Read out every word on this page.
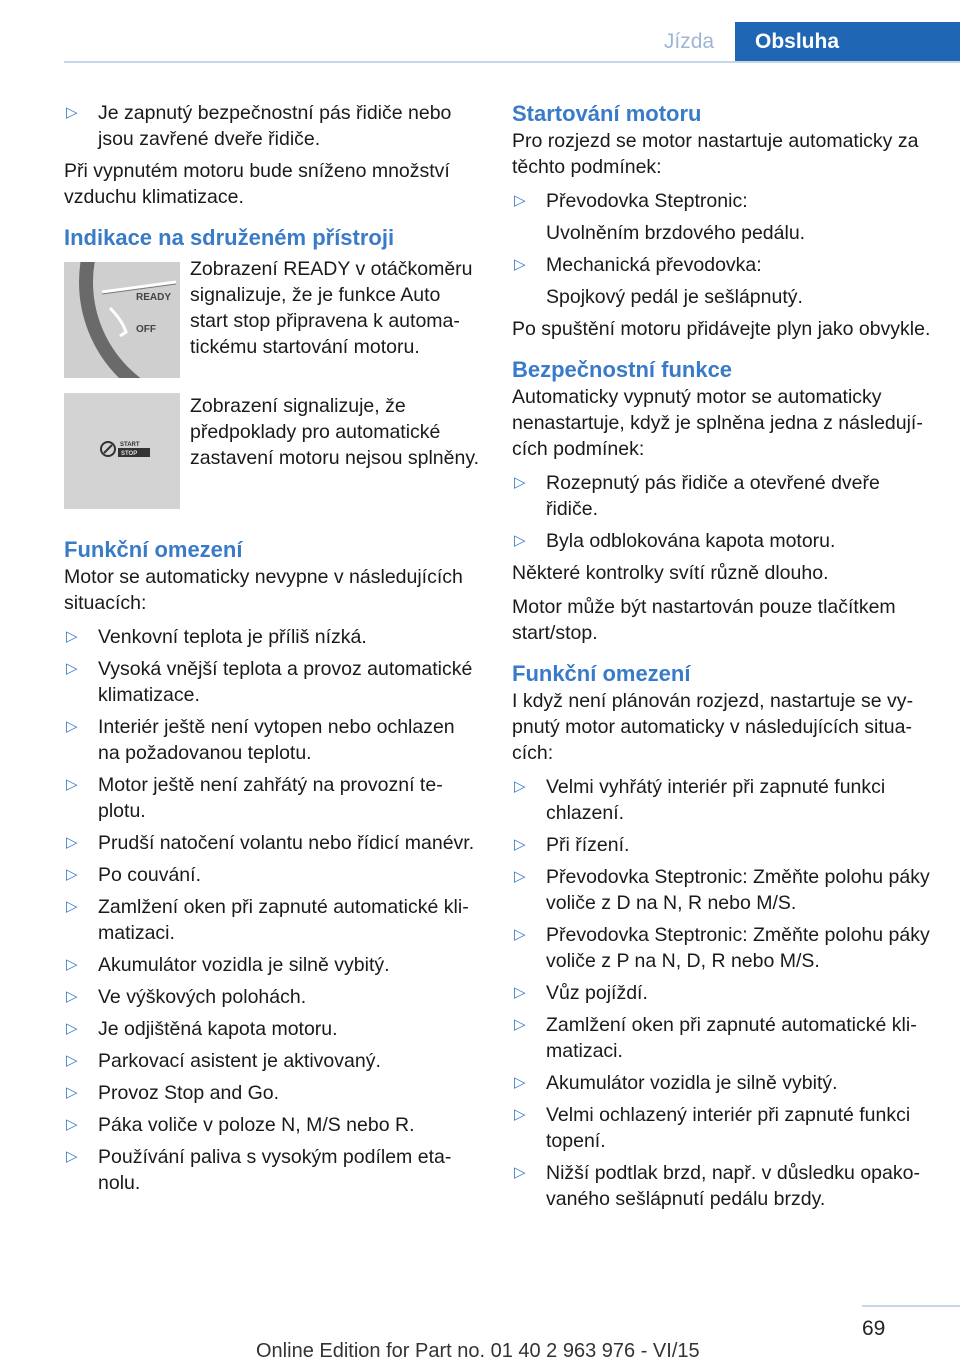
Jízda	Obsluha
▷ Je zapnutý bezpečnostní pás řidiče nebo jsou zavřené dveře řidiče.

Při vypnutém motoru bude sníženo množství vzduchu klimatizace.

Indikace na sdruženém přístroji
READY
OFF
Zobrazení READY v otáčkoměru signalizuje, že je funkce Auto start stop připravena k automatickému startování motoru.
START
STOP
Zobrazení signalizuje, že předpoklady pro automatické zastavení motoru nejsou splněny.
Funkční omezení

Motor se automaticky nevypne v následujících situacích:

▷ Venkovní teplota je příliš nízká.
▷ Vysoká vnější teplota a provoz automatické klimatizace.
▷ Interiér ještě není vytopen nebo ochlazen na požadovanou teplotu.
▷ Motor ještě není zahřátý na provozní teplotu.
▷ Prudší natočení volantu nebo řídicí manévr.
▷ Po couvání.
▷ Zamlžení oken při zapnuté automatické klimatizaci.
▷ Akumulátor vozidla je silně vybitý.
▷ Ve výškových polohách.
▷ Je odjištěná kapota motoru.
▷ Parkovací asistent je aktivovaný.
▷ Provoz Stop and Go.
▷ Páka voliče v poloze N, M/S nebo R.
▷ Používání paliva s vysokým podílem etanolu.
Startování motoru

Pro rozjezd se motor nastartuje automaticky za těchto podmínek:

▷ Převodovka Steptronic:
Uvolněním brzdového pedálu.
▷ Mechanická převodovka:
Spojkový pedál je sešlápnutý.

Po spuštění motoru přidávejte plyn jako obvykle.

Bezpečnostní funkce

Automaticky vypnutý motor se automaticky nenastartuje, když je splněna jedna z následujících podmínek:

▷ Rozepnutý pás řidiče a otevřené dveře řidiče.
▷ Byla odblokována kapota motoru.

Některé kontrolky svítí různě dlouho.

Motor může být nastartován pouze tlačítkem start/stop.

Funkční omezení

I když není plánován rozjezd, nastartuje se vypnutý motor automaticky v následujících situacích:

▷ Velmi vyhřátý interiér při zapnuté funkci chlazení.
▷ Při řízení.
▷ Převodovka Steptronic: Změňte polohu páky voliče z D na N, R nebo M/S.
▷ Převodovka Steptronic: Změňte polohu páky voliče z P na N, D, R nebo M/S.
▷ Vůz pojíždí.
▷ Zamlžení oken při zapnuté automatické klimatizaci.
▷ Akumulátor vozidla je silně vybitý.
▷ Velmi ochlazený interiér při zapnuté funkci topení.
▷ Nižší podtlak brzd, např. v důsledku opakovaného sešlápnutí pedálu brzdy.
69
Online Edition for Part no. 01 40 2 963 976 - VI/15
